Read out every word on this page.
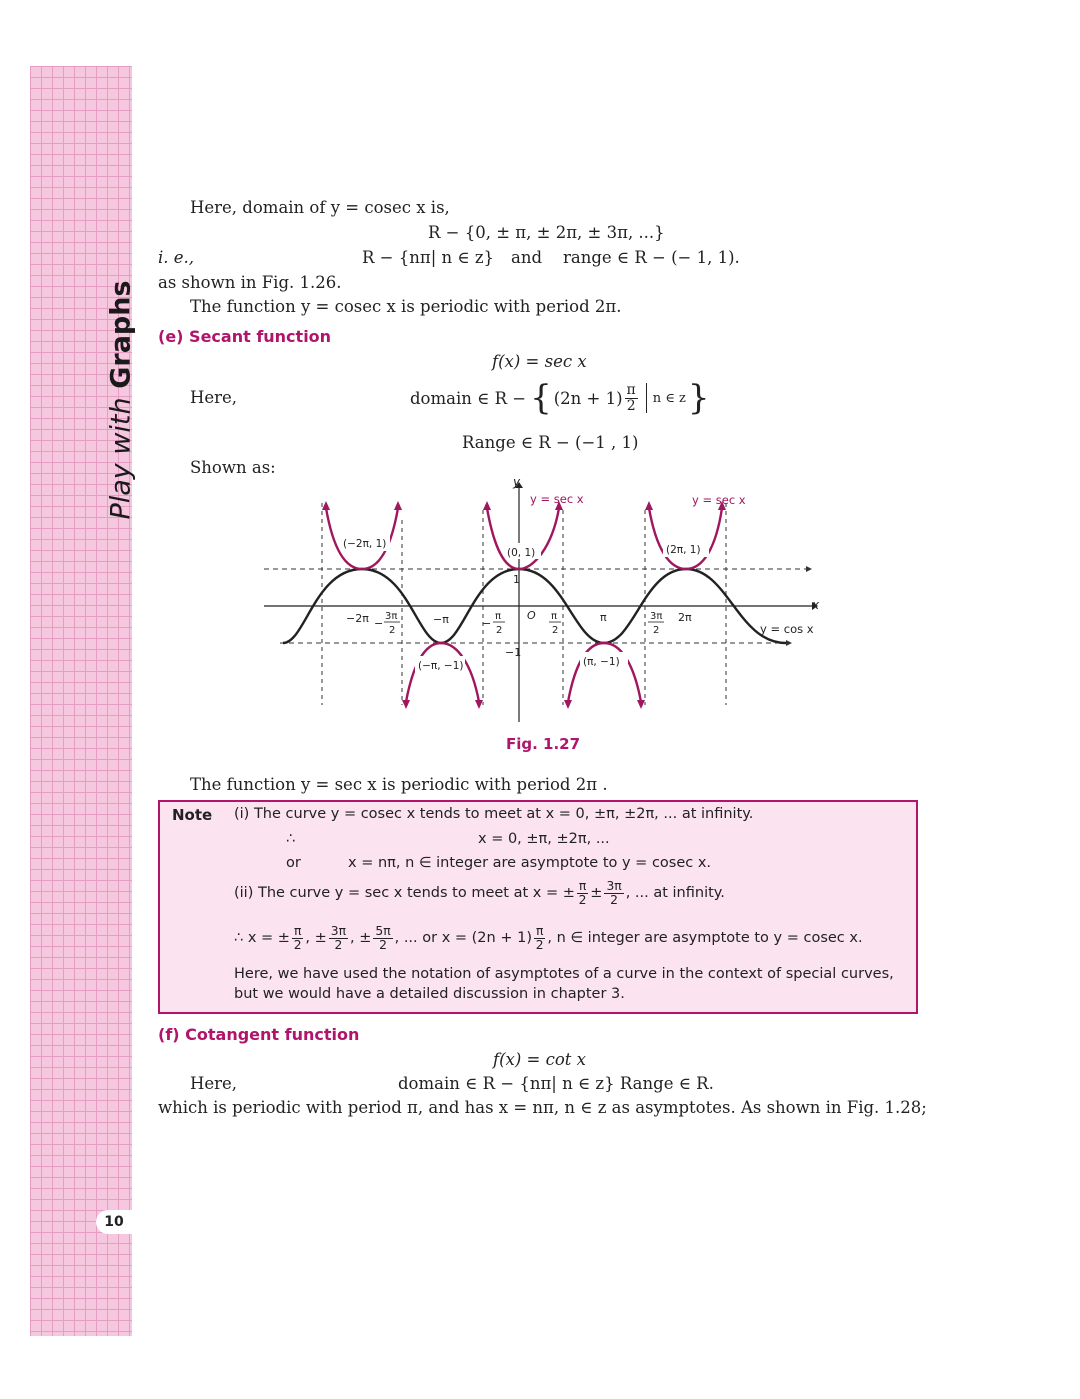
Play with Graphs
10
Here, domain of y = cosec x is,
R − {0, ± π, ± 2π, ± 3π, ...}
i. e.,	R − {nπ| n ∈ z} and range ∈ R − (− 1, 1).
as shown in Fig. 1.26.
The function y = cosec x is periodic with period 2π.
(e) Secant function
f(x) = sec x
Here,	domain ∈ R − { $(2n + 1) \frac{\pi}{2}$ n ∈ z }
Range ∈ R − (−1 , 1)
Shown as:
y
x
y = sec x	y = sec x
y = cos x
(−2π, 1)
(0, 1)	(2π, 1)
(−π, −1)	(π, −1)
1
−1
O
−2π −
3π
2
−π	−
π
2
π
2
π	3π
2
2π
Fig. 1.27
The function y = sec x is periodic with period 2π .
Note (i) The curve y = cosec x tends to meet at x = 0, ±π, ±2π, ... at infinity.
∴	x = 0, ±π, ±2π, ...
or	x = nπ, n ∈ integer are asymptote to y = cosec x.
(ii) The curve y = sec x tends to meet at x = ± $\frac{\pi}{2} \pm \frac{3\pi}{2}$ , ... at infinity.
∴ x = ± $\frac{\pi}{2}$ , ± $\frac{3\pi}{2}$ , ± $\frac{5\pi}{2}$ , ... or $x = (2n + 1) \frac{\pi}{2}$ , n ∈ integer are asymptote to y = cosec x.
Here, we have used the notation of asymptotes of a curve in the context of special curves,
but we would have a detailed discussion in chapter 3.
(f) Cotangent function
f(x) = cot x
Here,	domain ∈ R − {nπ| n ∈ z} Range ∈ R.
which is periodic with period π, and has x = nπ, n ∈ z as asymptotes. As shown in Fig. 1.28;
